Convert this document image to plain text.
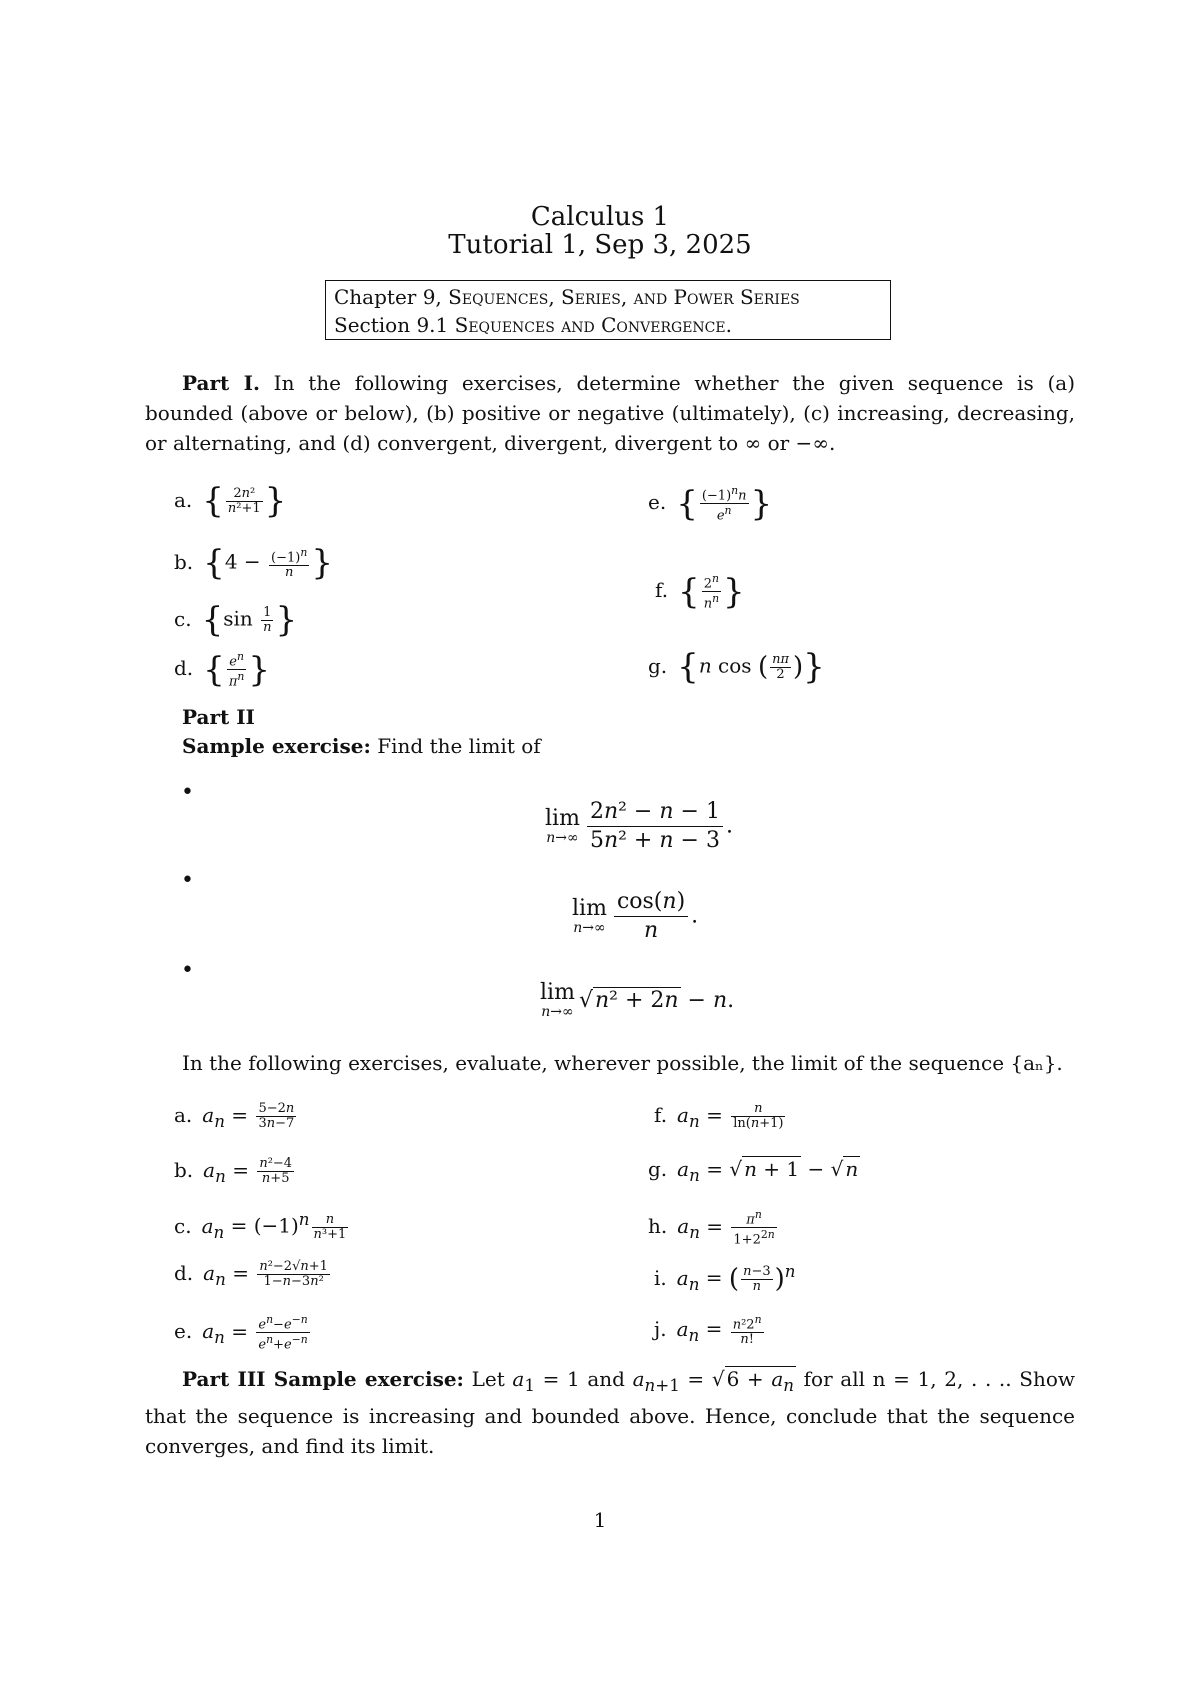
Calculus 1
Tutorial 1, Sep 3, 2025
Chapter 9, Sequences, Series, and Power Series
Section 9.1 Sequences and Convergence.
Part I. In the following exercises, determine whether the given sequence is (a) bounded (above or below), (b) positive or negative (ultimately), (c) increasing, decreasing, or alternating, and (d) convergent, divergent, divergent to ∞ or −∞.
a. { $\frac{\text{2n²}}{\text{n²+1}}$ }
b. {$4 - \frac{(-1)^n}{n}$ }
c. {$\sin \frac{1}{n}$ }
d. { $\frac{e^n}{\pi^n}$ }
e. { $\frac{(-1)^nn}{e^n}$ }
f. { $\frac{2^n}{n^n}$ }
g. {n cos ( $\frac{n\pi}{2}$ )}
Part II
Sample exercise: Find the limit of
•
lim
$n\to\infty \frac{\text{2n² − n − 1}}{\text{5n² + n − 3}}$ .
•
lim
$n\to\infty \frac{\cos(n)}{n}$ .
•
lim
n→∞ √n² + 2n − n.
In the following exercises, evaluate, wherever possible, the limit of the sequence {aₙ}.
a. $a_n = \frac{5-2n}{3n-7}$
b. $a_n = \frac{\text{n²−4}}{n+5}$
c. $a_n = (-1)^n \frac{n}{\text{n³+1}}$
d. $a_n = \frac{\text{n²−2√n+1}}{\text{1−n−3n²}}$
e. $a_n = \frac{e^n-e^{-n}}{e^n+e^{-n}}$
f. $a_n = \frac{n}{\ln(n+1)}$
g. $a_n$ = √ n + 1 − √ n
h. $a_n = \frac{\pi^n}{1+2^{2n}}$
i. $a_n$ = ( $\frac{n-3}{n} )^n$
j. $a_n = \frac{n^22^n}{n!}$
Part III Sample exercise: Let $a_1 = 1$ and $a_{n+1}$ = √ $6 + a_n$ for all n = 1, 2, . . .. Show that the sequence is increasing and bounded above. Hence, conclude that the sequence converges, and find its limit.
1
